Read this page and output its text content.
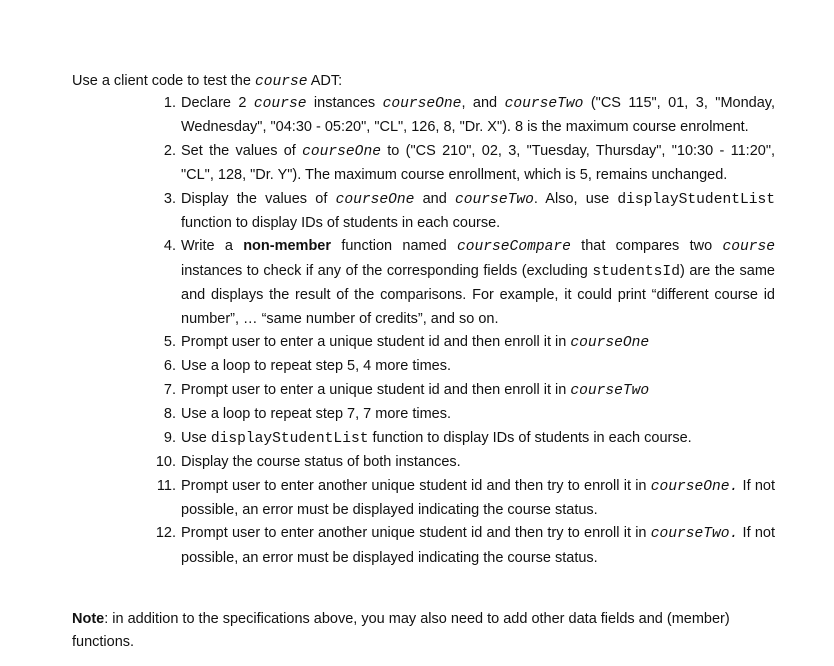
Use a client code to test the course ADT:
1. Declare 2 course instances courseOne, and courseTwo ("CS 115", 01, 3, "Monday, Wednesday", "04:30 - 05:20", "CL", 126, 8, "Dr. X"). 8 is the maximum course enrolment.
2. Set the values of courseOne to ("CS 210", 02, 3, "Tuesday, Thursday", "10:30 - 11:20", "CL", 128, "Dr. Y"). The maximum course enrollment, which is 5, remains unchanged.
3. Display the values of courseOne and courseTwo. Also, use displayStudentList function to display IDs of students in each course.
4. Write a non-member function named courseCompare that compares two course instances to check if any of the corresponding fields (excluding studentsId) are the same and displays the result of the comparisons. For example, it could print “different course id number”, … “same number of credits”, and so on.
5. Prompt user to enter a unique student id and then enroll it in courseOne
6. Use a loop to repeat step 5, 4 more times.
7. Prompt user to enter a unique student id and then enroll it in courseTwo
8. Use a loop to repeat step 7, 7 more times.
9. Use displayStudentList function to display IDs of students in each course.
10. Display the course status of both instances.
11. Prompt user to enter another unique student id and then try to enroll it in courseOne. If not possible, an error must be displayed indicating the course status.
12. Prompt user to enter another unique student id and then try to enroll it in courseTwo. If not possible, an error must be displayed indicating the course status.
Note: in addition to the specifications above, you may also need to add other data fields and (member) functions.
